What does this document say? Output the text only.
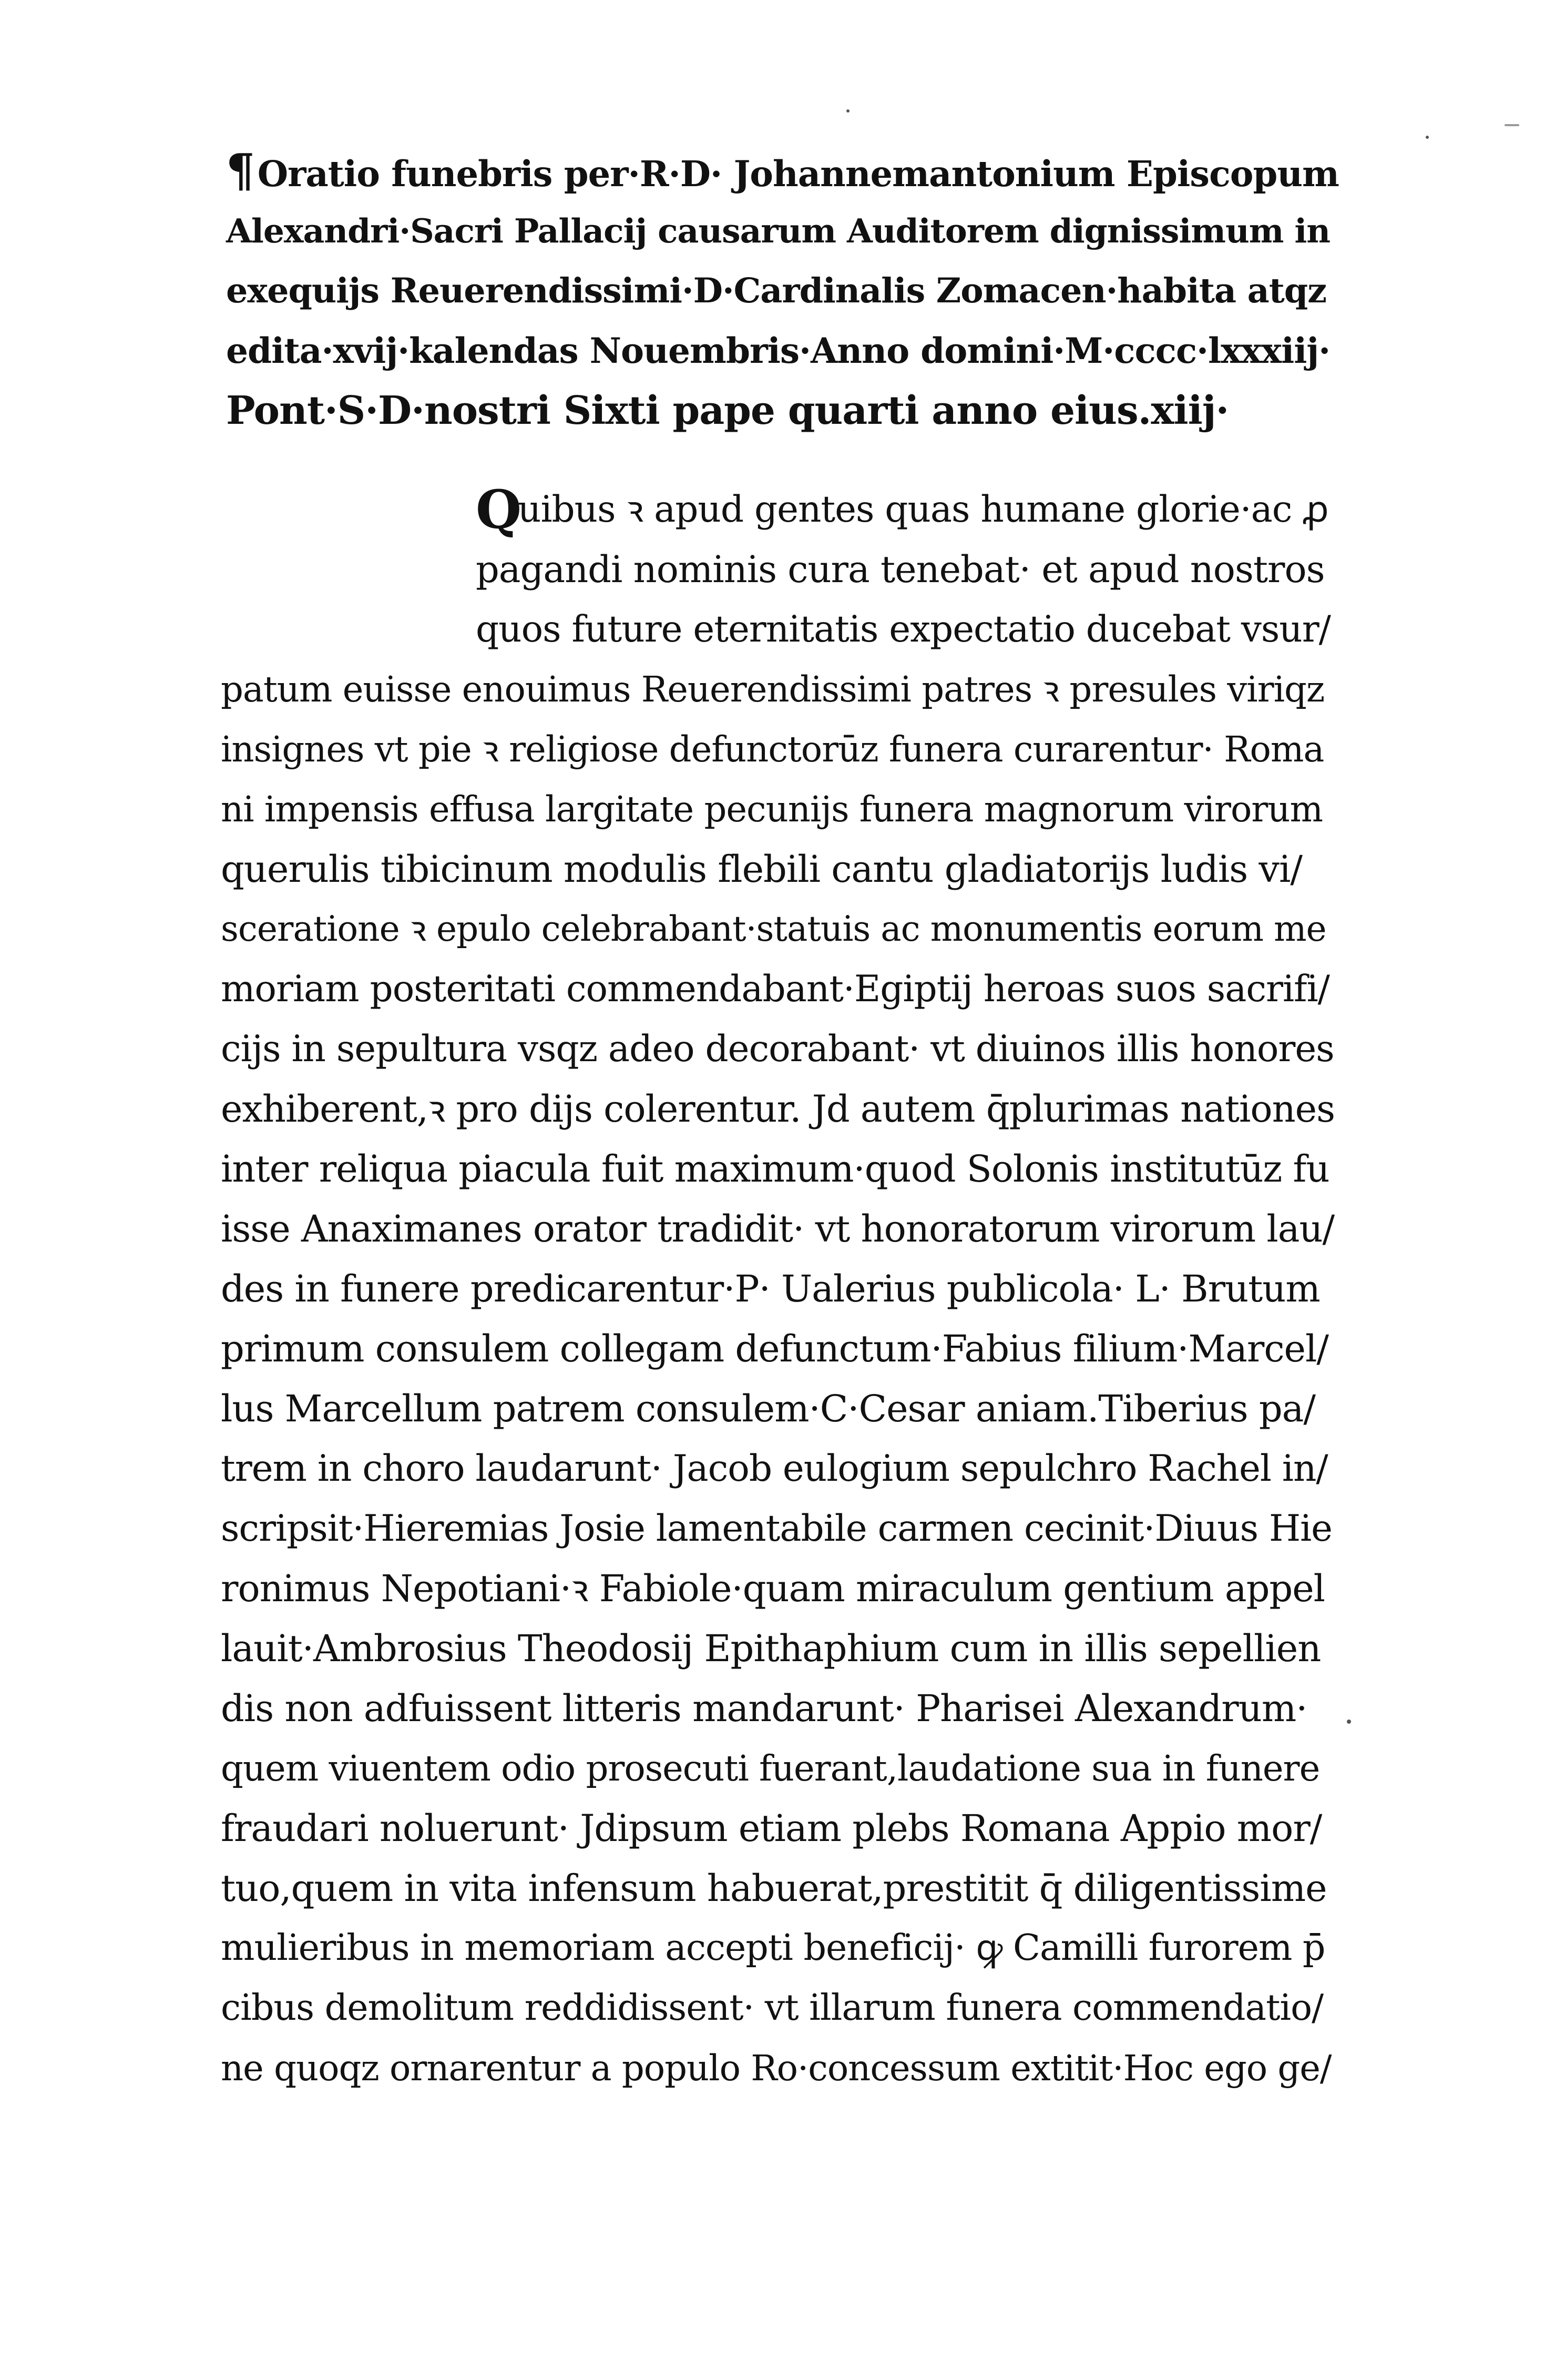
¶Oratio funebris per·R·D· Johannemantonium Episcopum
Alexandri·Sacri Pallacij causarum Auditorem dignissimum in
exequijs Reuerendissimi·D·Cardinalis Zomacen·habita atqz
edita·xvij·kalendas Nouembris·Anno domini·M·cccc·lxxxiij·
Pont·S·D·nostri Sixti pape quarti anno eius.xiij·
Q
uibus ꝛ apud gentes quas humane glorie·ac ꝓ
pagandi nominis cura tenebat· et apud nostros
quos future eternitatis expectatio ducebat vsur/
patum euisse enouimus Reuerendissimi patres ꝛ presules viriqz
insignes vt pie ꝛ religiose defunctorūz funera curarentur· Roma
ni impensis effusa largitate pecunijs funera magnorum virorum
querulis tibicinum modulis flebili cantu gladiatorijs ludis vi/
sceratione ꝛ epulo celebrabant·statuis ac monumentis eorum me
moriam posteritati commendabant·Egiptij heroas suos sacrifi/
cijs in sepultura vsqz adeo decorabant· vt diuinos illis honores
exhiberent,ꝛ pro dijs colerentur. Jd autem q̄plurimas nationes
inter reliqua piacula fuit maximum·quod Solonis institutūz fu
isse Anaximanes orator tradidit· vt honoratorum virorum lau/
des in funere predicarentur·P· Ualerius publicola· L· Brutum
primum consulem collegam defunctum·Fabius filium·Marcel/
lus Marcellum patrem consulem·C·Cesar aniam.Tiberius pa/
trem in choro laudarunt· Jacob eulogium sepulchro Rachel in/
scripsit·Hieremias Josie lamentabile carmen cecinit·Diuus Hie
ronimus Nepotiani·ꝛ Fabiole·quam miraculum gentium appel
lauit·Ambrosius Theodosij Epithaphium cum in illis sepellien
dis non adfuissent litteris mandarunt· Pharisei Alexandrum·
quem viuentem odio prosecuti fuerant,laudatione sua in funere
fraudari noluerunt· Jdipsum etiam plebs Romana Appio mor/
tuo,quem in vita infensum habuerat,prestitit q̄ diligentissime
mulieribus in memoriam accepti beneficij· ꝙ Camilli furorem p̄
cibus demolitum reddidissent· vt illarum funera commendatio/
ne quoqz ornarentur a populo Ro·concessum extitit·Hoc ego ge/
